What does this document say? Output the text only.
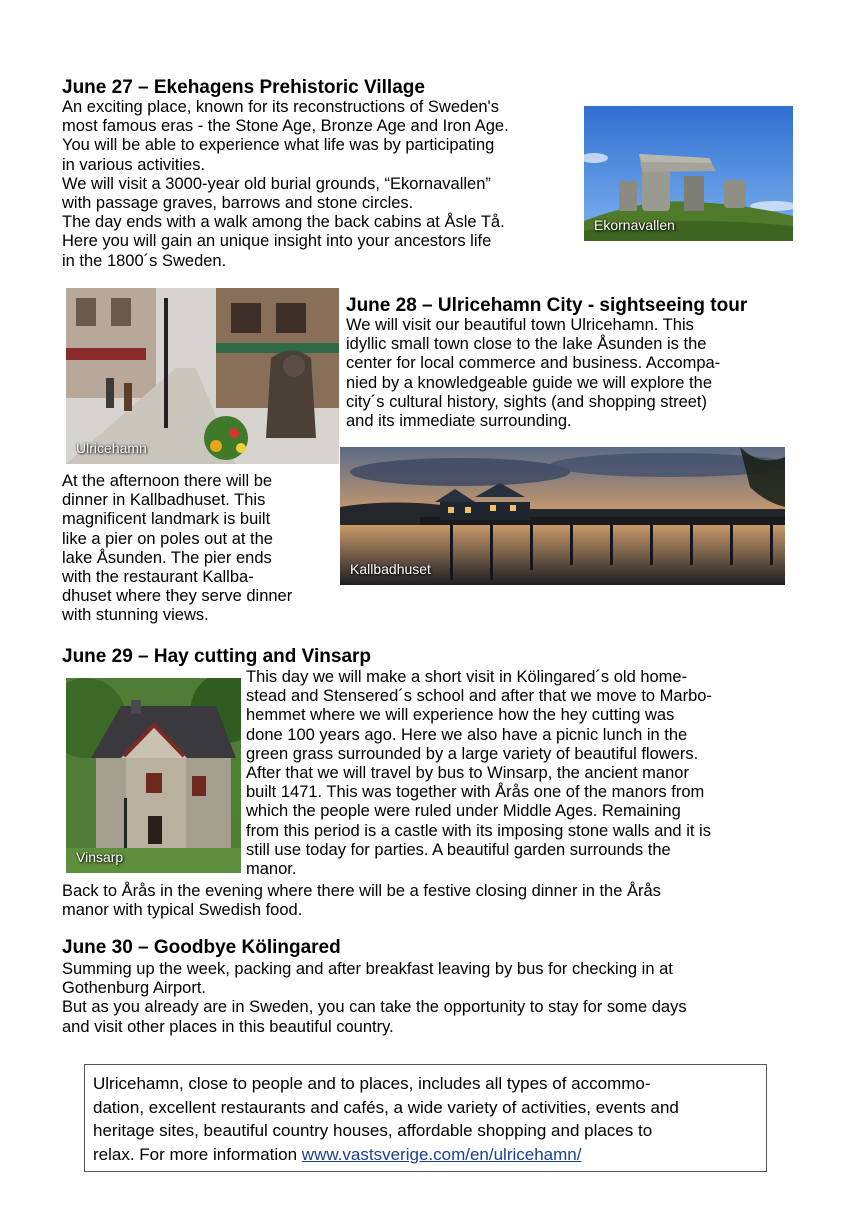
June 27 – Ekehagens Prehistoric Village
An exciting place, known for its reconstructions of Sweden's
most famous eras - the Stone Age, Bronze Age and Iron Age.
You will be able to experience what life was by participating
in various activities.
We will visit a 3000-year old burial grounds, “Ekornavallen”
with passage graves, barrows and stone circles.
The day ends with a walk among the back cabins at Åsle Tå.
Here you will gain an unique insight into your ancestors life
in the 1800´s Sweden.
Ekornavallen
Ulricehamn
June 28 – Ulricehamn City - sightseeing tour
We will visit our beautiful town Ulricehamn. This
idyllic small town close to the lake Åsunden is the
center for local commerce and business. Accompa-
nied by a knowledgeable guide we will explore the
city´s cultural history, sights (and shopping street)
and its immediate surrounding.
Kallbadhuset
At the afternoon there will be
dinner in Kallbadhuset. This
magnificent landmark is built
like a pier on poles out at the
lake Åsunden. The pier ends
with the restaurant Kallba-
dhuset where they serve dinner
with stunning views.
June 29 – Hay cutting and Vinsarp
Vinsarp
This day we will make a short visit in Kölingared´s old home-
stead and Stensered´s school and after that we move to Marbo-
hemmet where we will experience how the hey cutting was
done 100 years ago. Here we also have a picnic lunch in the
green grass surrounded by a large variety of beautiful flowers.
After that we will travel by bus to Winsarp, the ancient manor
built 1471. This was together with Årås one of the manors from
which the people were ruled under Middle Ages. Remaining
from this period is a castle with its imposing stone walls and it is
still use today for parties. A beautiful garden surrounds the
manor.
Back to Årås in the evening where there will be a festive closing dinner in the Årås
manor with typical Swedish food.
June 30 – Goodbye Kölingared
Summing up the week, packing and after breakfast leaving by bus for checking in at
Gothenburg Airport.
But as you already are in Sweden, you can take the opportunity to stay for some days
and visit other places in this beautiful country.
Ulricehamn, close to people and to places, includes all types of accommo-
dation, excellent restaurants and cafés, a wide variety of activities, events and
heritage sites, beautiful country houses, affordable shopping and places to
relax. For more information www.vastsverige.com/en/ulricehamn/
